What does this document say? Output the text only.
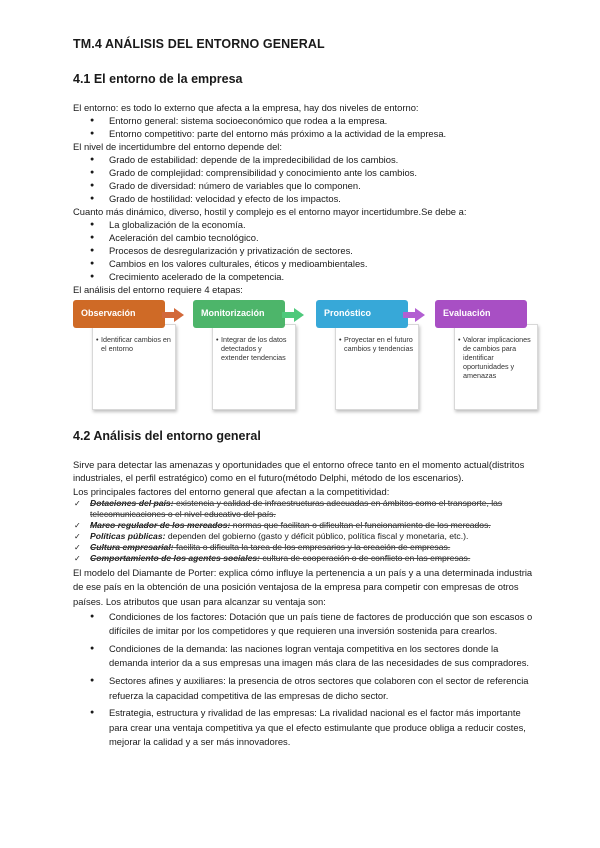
TM.4 ANÁLISIS DEL ENTORNO GENERAL
4.1 El entorno de la empresa
El entorno: es todo lo externo que afecta a la empresa, hay dos niveles de entorno:
● Entorno general: sistema socioeconómico que rodea a la empresa.
● Entorno competitivo: parte del entorno más próximo a la actividad de la empresa.
El nivel de incertidumbre del entorno depende del:
● Grado de estabilidad: depende de la impredecibilidad de los cambios.
● Grado de complejidad: comprensibilidad y conocimiento ante los cambios.
● Grado de diversidad: número de variables que lo componen.
● Grado de hostilidad: velocidad y efecto de los impactos.
Cuanto más dinámico, diverso, hostil y complejo es el entorno mayor incertidumbre.Se debe a:
● La globalización de la economía.
● Aceleración del cambio tecnológico.
● Procesos de desregularización y privatización de sectores.
● Cambios en los valores culturales, éticos y medioambientales.
● Crecimiento acelerado de la competencia.
El análisis del entorno requiere 4 etapas:
• Identificar cambios en el entorno
Observación
• Integrar de los datos detectados y extender tendencias
Monitorización
• Proyectar en el futuro cambios y tendencias
Pronóstico
• Valorar implicaciones de cambios para identificar oportunidades y amenazas
Evaluación
4.2 Análisis del entorno general
Sirve para detectar las amenazas y oportunidades que el entorno ofrece tanto en el momento actual(distritos industriales, el perfil estratégico) como en el futuro(método Delphi, método de los escenarios).
Los principales factores del entorno general que afectan a la competitividad:
✓ Dotaciones del país: existencia y calidad de infraestructuras adecuadas en ámbitos como el transporte, las telecomunicaciones o el nivel educativo del país.
✓ Marco regulador de los mercados: normas que facilitan o dificultan el funcionamiento de los mercados.
✓ Políticas públicas: dependen del gobierno (gasto y déficit público, política fiscal y monetaria, etc.).
✓ Cultura empresarial: facilita o dificulta la tarea de los empresarios y la creación de empresas.
✓ Comportamiento de los agentes sociales: cultura de cooperación o de conflicto en las empresas.
El modelo del Diamante de Porter: explica cómo influye la pertenencia a un país y a una determinada industria de ese país en la obtención de una posición ventajosa de la empresa para competir con empresas de otros países. Los atributos que usan para alcanzar su ventaja son:
● Condiciones de los factores: Dotación que un país tiene de factores de producción que son escasos o difíciles de imitar por los competidores y que requieren una inversión sostenida para crearlos.
● Condiciones de la demanda: las naciones logran ventaja competitiva en los sectores donde la demanda interior da a sus empresas una imagen más clara de las necesidades de sus compradores.
● Sectores afines y auxiliares: la presencia de otros sectores que colaboren con el sector de referencia refuerza la capacidad competitiva de las empresas de dicho sector.
● Estrategia, estructura y rivalidad de las empresas: La rivalidad nacional es el factor más importante para crear una ventaja competitiva ya que el efecto estimulante que produce obliga a reducir costes, mejorar la calidad y a ser más innovadores.
